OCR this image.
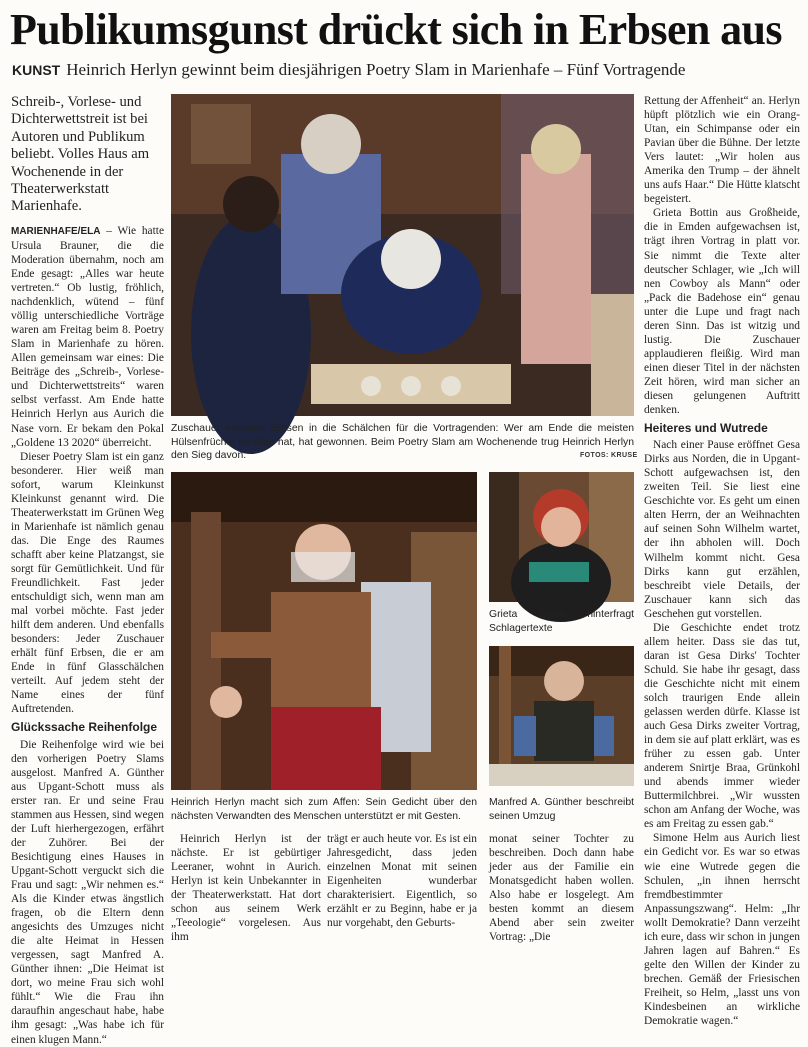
Publikumsgunst drückt sich in Erbsen aus
KUNST Heinrich Herlyn gewinnt beim diesjährigen Poetry Slam in Marienhafe – Fünf Vortragende
Schreib-, Vorlese- und Dichterwettstreit ist bei Autoren und Publikum beliebt. Volles Haus am Wochenende in der Theaterwerkstatt Marienhafe.

MARIENHAFE/ELA – Wie hatte Ursula Brauner, die die Moderation übernahm, noch am Ende gesagt: „Alles war heute vertreten.“ Ob lustig, fröhlich, nachdenklich, wütend – fünf völlig unterschiedliche Vorträge waren am Freitag beim 8. Poetry Slam in Marienhafe zu hören. Allen gemeinsam war eines: Die Beiträge des „Schreib-, Vorlese- und Dichterwettstreits“ waren selbst verfasst. Am Ende hatte Heinrich Herlyn aus Aurich die Nase vorn. Er bekam den Pokal „Goldene 13 2020“ überreicht.

Dieser Poetry Slam ist ein ganz besonderer. Hier weiß man sofort, warum Kleinkunst Kleinkunst genannt wird. Die Theaterwerkstatt im Grünen Weg in Marienhafe ist nämlich genau das. Die Enge des Raumes schafft aber keine Platzangst, sie sorgt für Gemütlichkeit. Und für Freundlichkeit. Fast jeder entschuldigt sich, wenn man am mal vorbei möchte. Fast jeder hilft dem anderen. Und ebenfalls besonders: Jeder Zuschauer erhält fünf Erbsen, die er am Ende in fünf Glasschälchen verteilt. Auf jedem steht der Name eines der fünf Auftretenden.

Glückssache Reihenfolge

Die Reihenfolge wird wie bei den vorherigen Poetry Slams ausgelost. Manfred A. Günther aus Upgant-Schott muss als erster ran. Er und seine Frau stammen aus Hessen, sind wegen der Luft hierhergezogen, erfährt der Zuhörer. Bei der Besichtigung eines Hauses in Upgant-Schott verguckt sich die Frau und sagt: „Wir nehmen es.“ Als die Kinder etwas ängstlich fragen, ob die Eltern denn angesichts des Umzuges nicht die alte Heimat in Hessen vergessen, sagt Manfred A. Günther ihnen: „Die Heimat ist dort, wo meine Frau sich wohl fühlt.“ Wie die Frau ihn daraufhin angeschaut habe, habe ihm gesagt: „Was habe ich für einen klugen Mann.“

Zuschauer verteilen Erbsen in die Schälchen für die Vortragenden: Wer am Ende die meisten Hülsenfrüchte im Glas hat, hat gewonnen. Beim Poetry Slam am Wochenende trug Heinrich Herlyn den Sieg davon.	FOTOS: KRUSE
Heinrich Herlyn macht sich zum Affen: Sein Gedicht über den nächsten Verwandten des Menschen unterstützt er mit Gesten.
Grieta Bottin hinterfragt Schlagertexte
Manfred A. Günther beschreibt seinen Umzug

Heinrich Herlyn ist der nächste. Er ist gebürtiger Leeraner, wohnt in Aurich. Herlyn ist kein Unbekannter in der Theaterwerkstatt. Hat dort schon aus seinem Werk „Teeologie“ vorgelesen. Aus ihm

trägt er auch heute vor. Es ist ein Jahresgedicht, dass jeden einzelnen Monat mit seinen Eigenheiten wunderbar charakterisiert. Eigentlich, so erzählt er zu Beginn, habe er ja nur vorgehabt, den Geburts-

monat seiner Tochter zu beschreiben. Doch dann habe jeder aus der Familie ein Monatsgedicht haben wollen. Also habe er losgelegt. Am besten kommt an diesem Abend aber sein zweiter Vortrag: „Die

Rettung der Affenheit“ an. Herlyn hüpft plötzlich wie ein Orang-Utan, ein Schimpanse oder ein Pavian über die Bühne. Der letzte Vers lautet: „Wir holen aus Amerika den Trump – der ähnelt uns aufs Haar.“ Die Hütte klatscht begeistert.

Grieta Bottin aus Großheide, die in Emden aufgewachsen ist, trägt ihren Vortrag in platt vor. Sie nimmt die Texte alter deutscher Schlager, wie „Ich will nen Cowboy als Mann“ oder „Pack die Badehose ein“ genau unter die Lupe und fragt nach deren Sinn. Das ist witzig und lustig. Die Zuschauer applaudieren fleißig. Wird man einen dieser Titel in der nächsten Zeit hören, wird man sicher an diesen gelungenen Auftritt denken.

Heiteres und Wutrede

Nach einer Pause eröffnet Gesa Dirks aus Norden, die in Upgant-Schott aufgewachsen ist, den zweiten Teil. Sie liest eine Geschichte vor. Es geht um einen alten Herrn, der an Weihnachten auf seinen Sohn Wilhelm wartet, der ihn abholen will. Doch Wilhelm kommt nicht. Gesa Dirks kann gut erzählen, beschreibt viele Details, der Zuschauer kann sich das Geschehen gut vorstellen.

Die Geschichte endet trotz allem heiter. Dass sie das tut, daran ist Gesa Dirks' Tochter Schuld. Sie habe ihr gesagt, dass die Geschichte nicht mit einem solch traurigen Ende allein gelassen werden dürfe. Klasse ist auch Gesa Dirks zweiter Vortrag, in dem sie auf platt erklärt, was es früher zu essen gab. Unter anderem Snirtje Braa, Grünkohl und abends immer wieder Buttermilchbrei. „Wir wussten schon am Anfang der Woche, was es am Freitag zu essen gab.“

Simone Helm aus Aurich liest ein Gedicht vor. Es war so etwas wie eine Wutrede gegen die Schulen, „in ihnen herrscht fremdbestimmter Anpassungszwang“. Helm: „Ihr wollt Demokratie? Dann verzeiht ich eure, dass wir schon in jungen Jahren lagen auf Bahren.“ Es gelte den Willen der Kinder zu brechen. Gemäß der Friesischen Freiheit, so Helm, „lasst uns von Kindesbeinen an wirkliche Demokratie wagen.“
